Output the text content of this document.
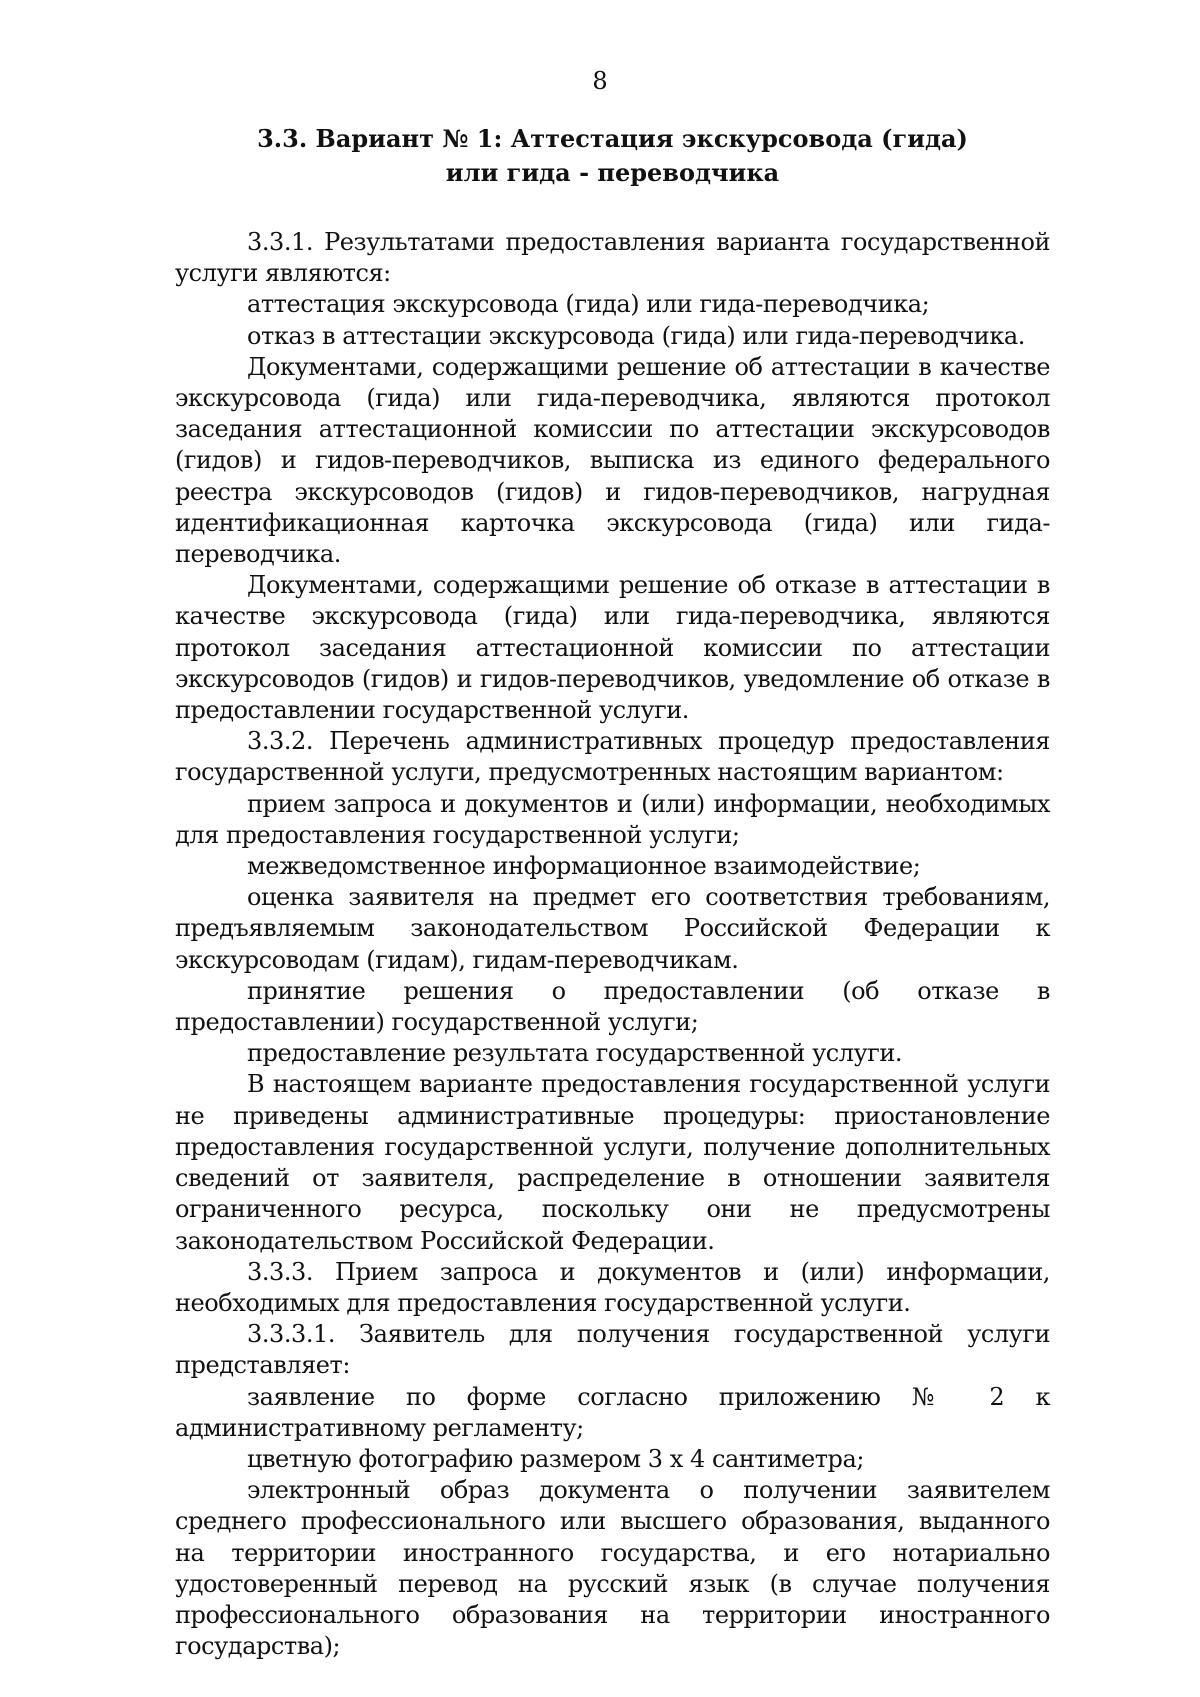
8
3.3. Вариант № 1: Аттестация экскурсовода (гида)
или гида - переводчика

3.3.1. Результатами предоставления варианта государственной услуги являются:

аттестация экскурсовода (гида) или гида-переводчика;

отказ в аттестации экскурсовода (гида) или гида-переводчика.

Документами, содержащими решение об аттестации в качестве экскурсовода (гида) или гида-переводчика, являются протокол заседания аттестационной комиссии по аттестации экскурсоводов (гидов) и гидов-переводчиков, выписка из единого федерального реестра экскурсоводов (гидов) и гидов-переводчиков, нагрудная идентификационная карточка экскурсовода (гида) или гида-переводчика.

Документами, содержащими решение об отказе в аттестации в качестве экскурсовода (гида) или гида-переводчика, являются протокол заседания аттестационной комиссии по аттестации экскурсоводов (гидов) и гидов-переводчиков, уведомление об отказе в предоставлении государственной услуги.

3.3.2. Перечень административных процедур предоставления государственной услуги, предусмотренных настоящим вариантом:

прием запроса и документов и (или) информации, необходимых для предоставления государственной услуги;

межведомственное информационное взаимодействие;

оценка заявителя на предмет его соответствия требованиям, предъявляемым законодательством Российской Федерации к экскурсоводам (гидам), гидам-переводчикам.

принятие решения о предоставлении (об отказе в предоставлении) государственной услуги;

предоставление результата государственной услуги.

В настоящем варианте предоставления государственной услуги не приведены административные процедуры: приостановление предоставления государственной услуги, получение дополнительных сведений от заявителя, распределение в отношении заявителя ограниченного ресурса, поскольку они не предусмотрены законодательством Российской Федерации.

3.3.3. Прием запроса и документов и (или) информации, необходимых для предоставления государственной услуги.

3.3.3.1. Заявитель для получения государственной услуги представляет:

заявление по форме согласно приложению № 2 к административному регламенту;

цветную фотографию размером 3 х 4 сантиметра;

электронный образ документа о получении заявителем среднего профессионального или высшего образования, выданного на территории иностранного государства, и его нотариально удостоверенный перевод на русский язык (в случае получения профессионального образования на территории иностранного государства);
